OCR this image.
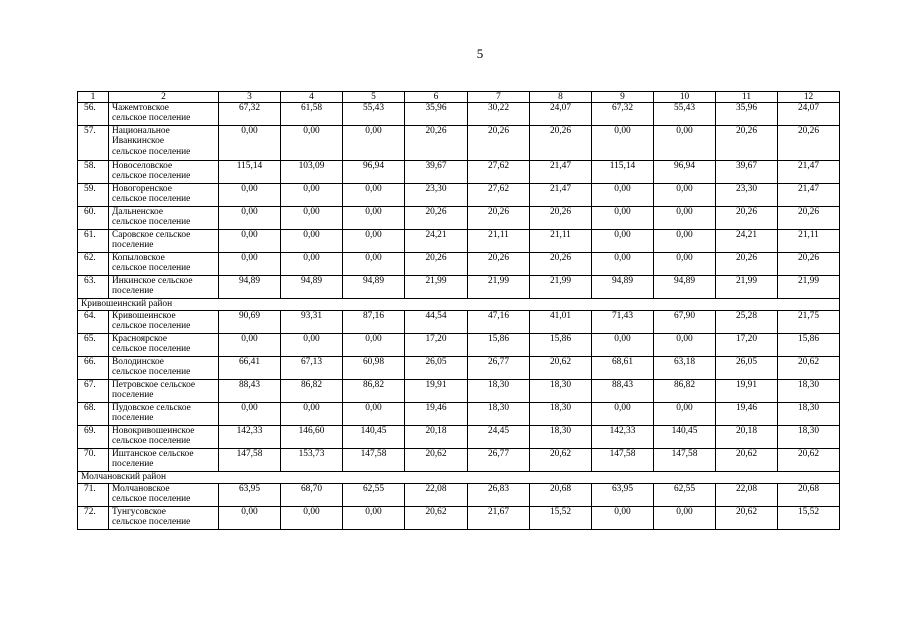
5
1	2	3	4	5	6	7	8	9	10	11	12
56.	Чажемтовское
сельское поселение	67,32	61,58	55,43	35,96	30,22	24,07	67,32	55,43	35,96	24,07
57.	Национальное
Иванкинское
сельское поселение	0,00	0,00	0,00	20,26	20,26	20,26	0,00	0,00	20,26	20,26
58.	Новоселовское
сельское поселение	115,14	103,09	96,94	39,67	27,62	21,47	115,14	96,94	39,67	21,47
59.	Новогоренское
сельское поселение	0,00	0,00	0,00	23,30	27,62	21,47	0,00	0,00	23,30	21,47
60.	Дальненское
сельское поселение	0,00	0,00	0,00	20,26	20,26	20,26	0,00	0,00	20,26	20,26
61.	Саровское сельское
поселение	0,00	0,00	0,00	24,21	21,11	21,11	0,00	0,00	24,21	21,11
62.	Копыловское
сельское поселение	0,00	0,00	0,00	20,26	20,26	20,26	0,00	0,00	20,26	20,26
63.	Инкинское сельское
поселение	94,89	94,89	94,89	21,99	21,99	21,99	94,89	94,89	21,99	21,99
Кривошеинский район											
64.	Кривошеинское
сельское поселение	90,69	93,31	87,16	44,54	47,16	41,01	71,43	67,90	25,28	21,75
65.	Красноярское
сельское поселение	0,00	0,00	0,00	17,20	15,86	15,86	0,00	0,00	17,20	15,86
66.	Володинское
сельское поселение	66,41	67,13	60,98	26,05	26,77	20,62	68,61	63,18	26,05	20,62
67.	Петровское сельское
поселение	88,43	86,82	86,82	19,91	18,30	18,30	88,43	86,82	19,91	18,30
68.	Пудовское сельское
поселение	0,00	0,00	0,00	19,46	18,30	18,30	0,00	0,00	19,46	18,30
69.	Новокривошеинское
сельское поселение	142,33	146,60	140,45	20,18	24,45	18,30	142,33	140,45	20,18	18,30
70.	Иштанское сельское
поселение	147,58	153,73	147,58	20,62	26,77	20,62	147,58	147,58	20,62	20,62
Молчановский район											
71.	Молчановское
сельское поселение	63,95	68,70	62,55	22,08	26,83	20,68	63,95	62,55	22,08	20,68
72.	Тунгусовское
сельское поселение	0,00	0,00	0,00	20,62	21,67	15,52	0,00	0,00	20,62	15,52
